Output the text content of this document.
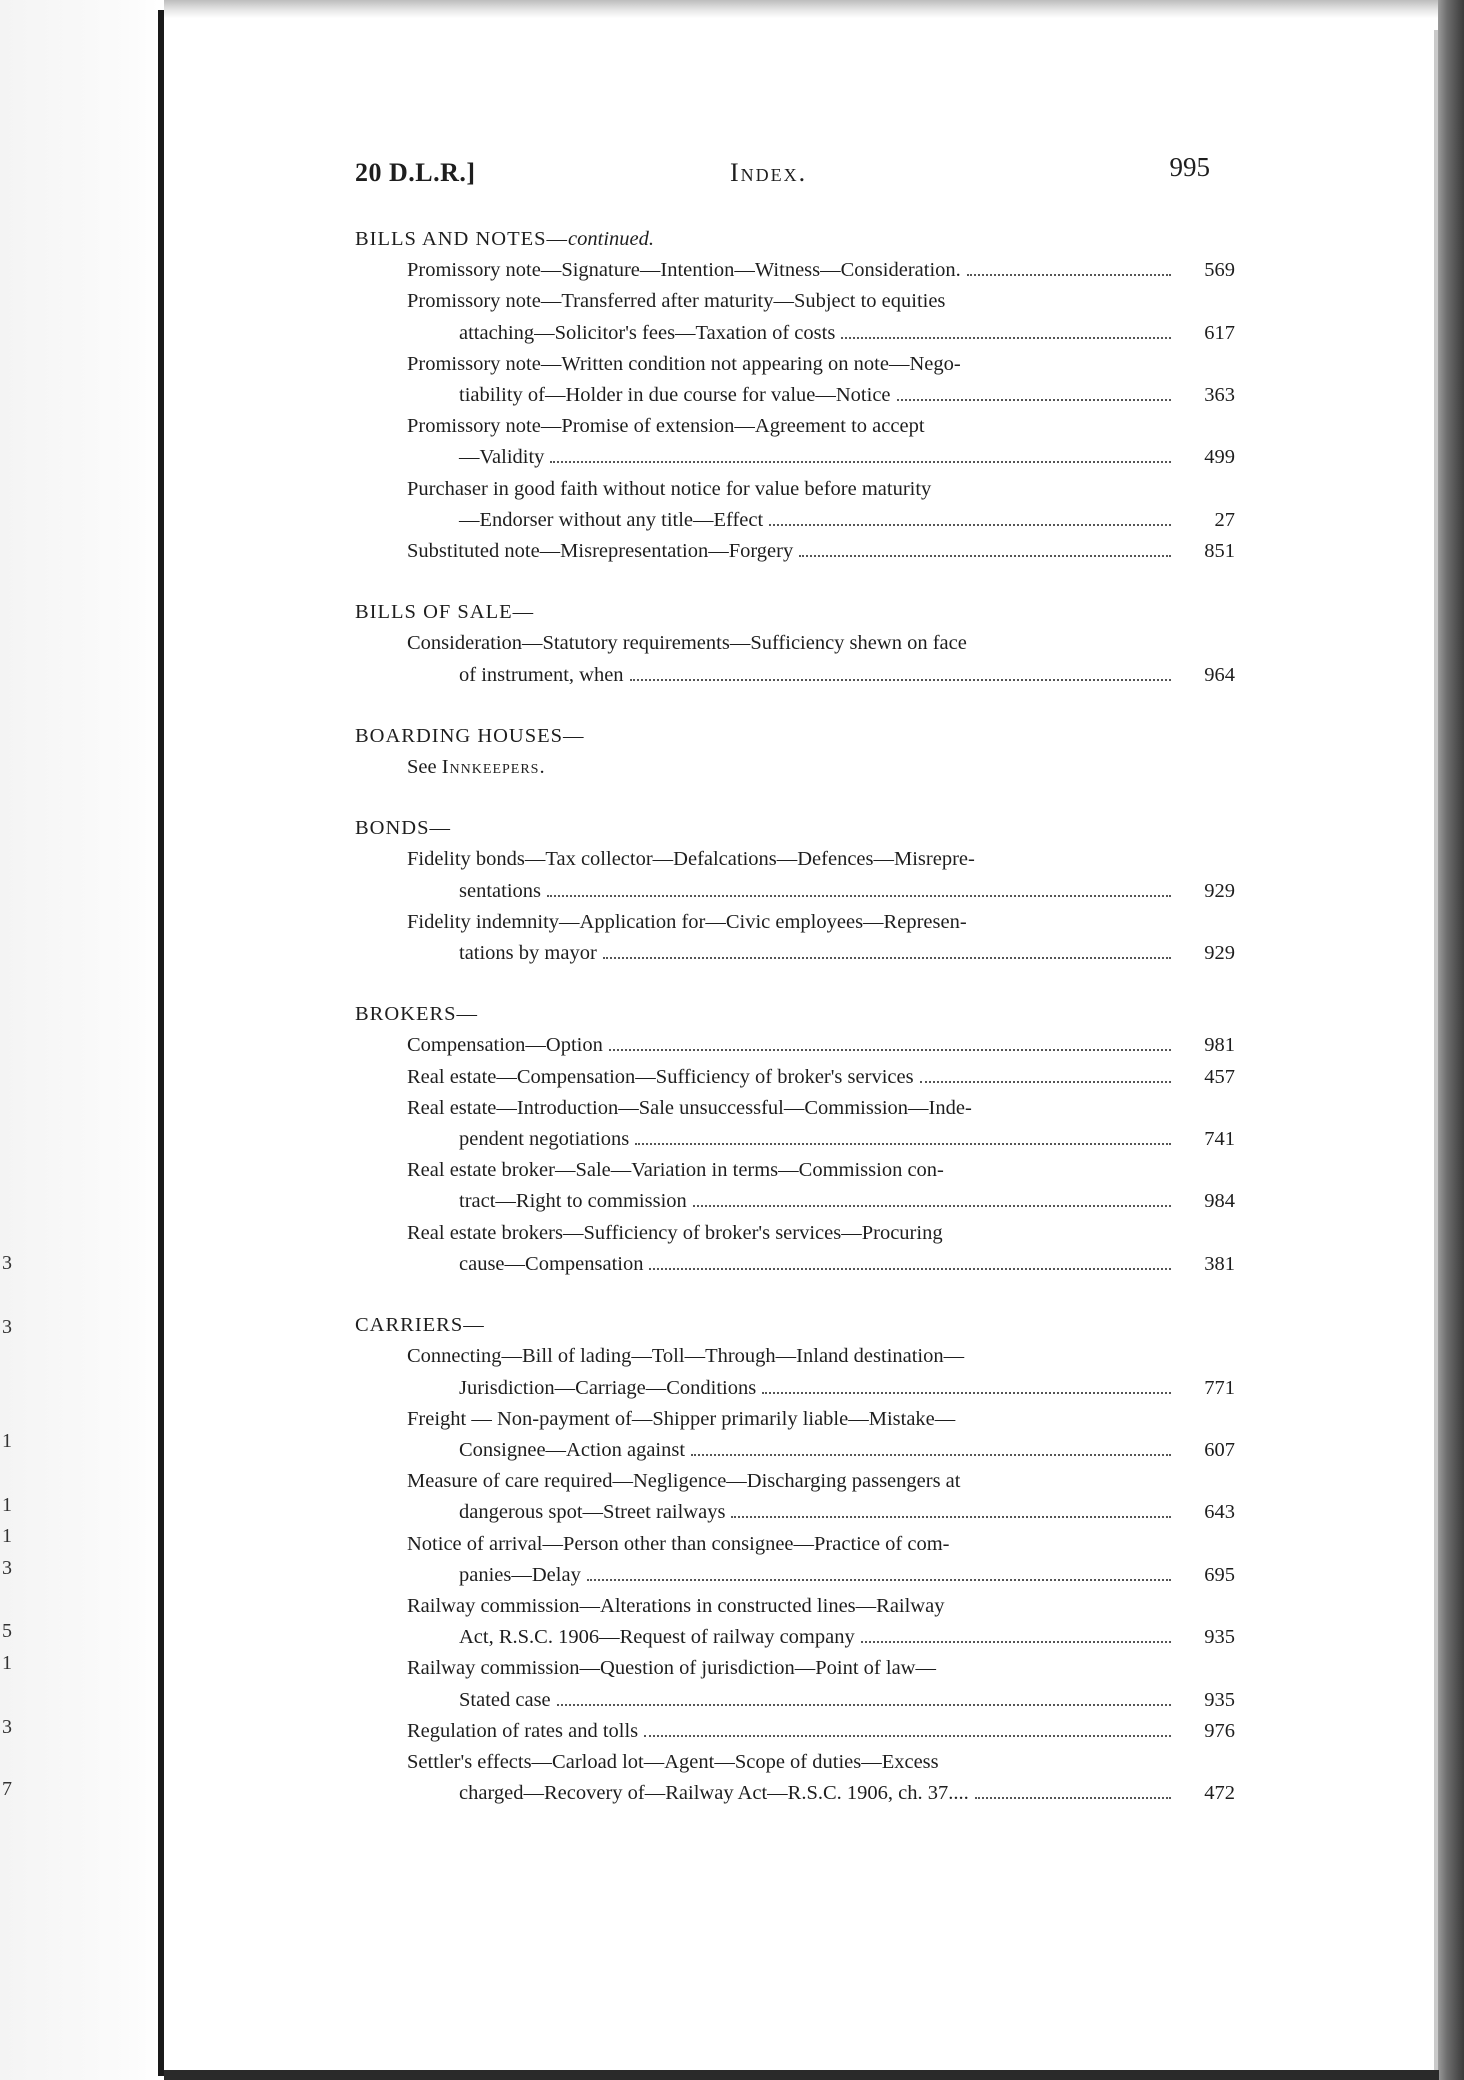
3
3
1
1
1
3
5
1
3
7
20 D.L.R.]	Index.	995
BILLS AND NOTES—continued.
Promissory note—Signature—Intention—Witness—Consideration.	569
Promissory note—Transferred after maturity—Subject to equities
attaching—Solicitor's fees—Taxation of costs	617
Promissory note—Written condition not appearing on note—Nego-
tiability of—Holder in due course for value—Notice	363
Promissory note—Promise of extension—Agreement to accept
—Validity	499
Purchaser in good faith without notice for value before maturity
—Endorser without any title—Effect	27
Substituted note—Misrepresentation—Forgery	851
BILLS OF SALE—
Consideration—Statutory requirements—Sufficiency shewn on face
of instrument, when	964
BOARDING HOUSES—
See Innkeepers.
BONDS—
Fidelity bonds—Tax collector—Defalcations—Defences—Misrepre-
sentations	929
Fidelity indemnity—Application for—Civic employees—Represen-
tations by mayor	929
BROKERS—
Compensation—Option	981
Real estate—Compensation—Sufficiency of broker's services	457
Real estate—Introduction—Sale unsuccessful—Commission—Inde-
pendent negotiations	741
Real estate broker—Sale—Variation in terms—Commission con-
tract—Right to commission	984
Real estate brokers—Sufficiency of broker's services—Procuring
cause—Compensation	381
CARRIERS—
Connecting—Bill of lading—Toll—Through—Inland destination—
Jurisdiction—Carriage—Conditions	771
Freight — Non-payment of—Shipper primarily liable—Mistake—
Consignee—Action against	607
Measure of care required—Negligence—Discharging passengers at
dangerous spot—Street railways	643
Notice of arrival—Person other than consignee—Practice of com-
panies—Delay	695
Railway commission—Alterations in constructed lines—Railway
Act, R.S.C. 1906—Request of railway company	935
Railway commission—Question of jurisdiction—Point of law—
Stated case	935
Regulation of rates and tolls	976
Settler's effects—Carload lot—Agent—Scope of duties—Excess
charged—Recovery of—Railway Act—R.S.C. 1906, ch. 37....	472
